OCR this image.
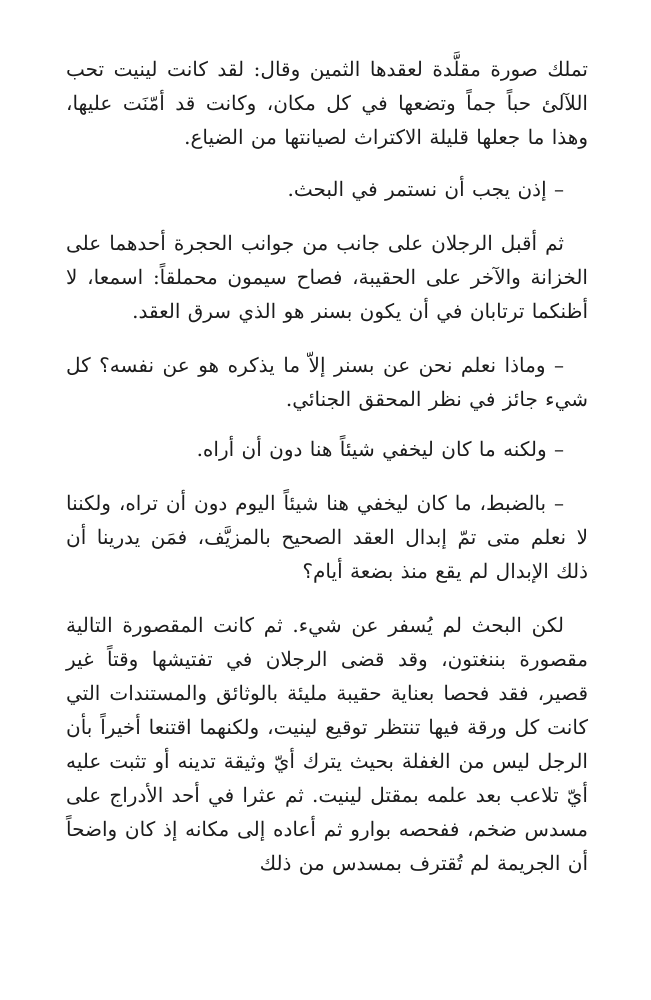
تملك صورة مقلَّدة لعقدها الثمين وقال: لقد كانت لينيت تحب اللآلئ حباً جماً وتضعها في كل مكان، وكانت قد أمّنَت عليها، وهذا ما جعلها قليلة الاكتراث لصيانتها من الضياع.

– إذن يجب أن نستمر في البحث.

ثم أقبل الرجلان على جانب من جوانب الحجرة أحدهما على الخزانة والآخر على الحقيبة، فصاح سيمون محملقاً: اسمعا، لا أظنكما ترتابان في أن يكون بسنر هو الذي سرق العقد.

– وماذا نعلم نحن عن بسنر إلاّ ما يذكره هو عن نفسه؟ كل شيء جائز في نظر المحقق الجنائي.

– ولكنه ما كان ليخفي شيئاً هنا دون أن أراه.

– بالضبط، ما كان ليخفي هنا شيئاً اليوم دون أن تراه، ولكننا لا نعلم متى تمّ إبدال العقد الصحيح بالمزيَّف، فمَن يدرينا أن ذلك الإبدال لم يقع منذ بضعة أيام؟

لكن البحث لم يُسفر عن شيء. ثم كانت المقصورة التالية مقصورة بننغتون، وقد قضى الرجلان في تفتيشها وقتاً غير قصير، فقد فحصا بعناية حقيبة مليئة بالوثائق والمستندات التي كانت كل ورقة فيها تنتظر توقيع لينيت، ولكنهما اقتنعا أخيراً بأن الرجل ليس من الغفلة بحيث يترك أيّ وثيقة تدينه أو تثبت عليه أيّ تلاعب بعد علمه بمقتل لينيت. ثم عثرا في أحد الأدراج على مسدس ضخم، ففحصه بوارو ثم أعاده إلى مكانه إذ كان واضحاً أن الجريمة لم تُقترف بمسدس من ذلك
